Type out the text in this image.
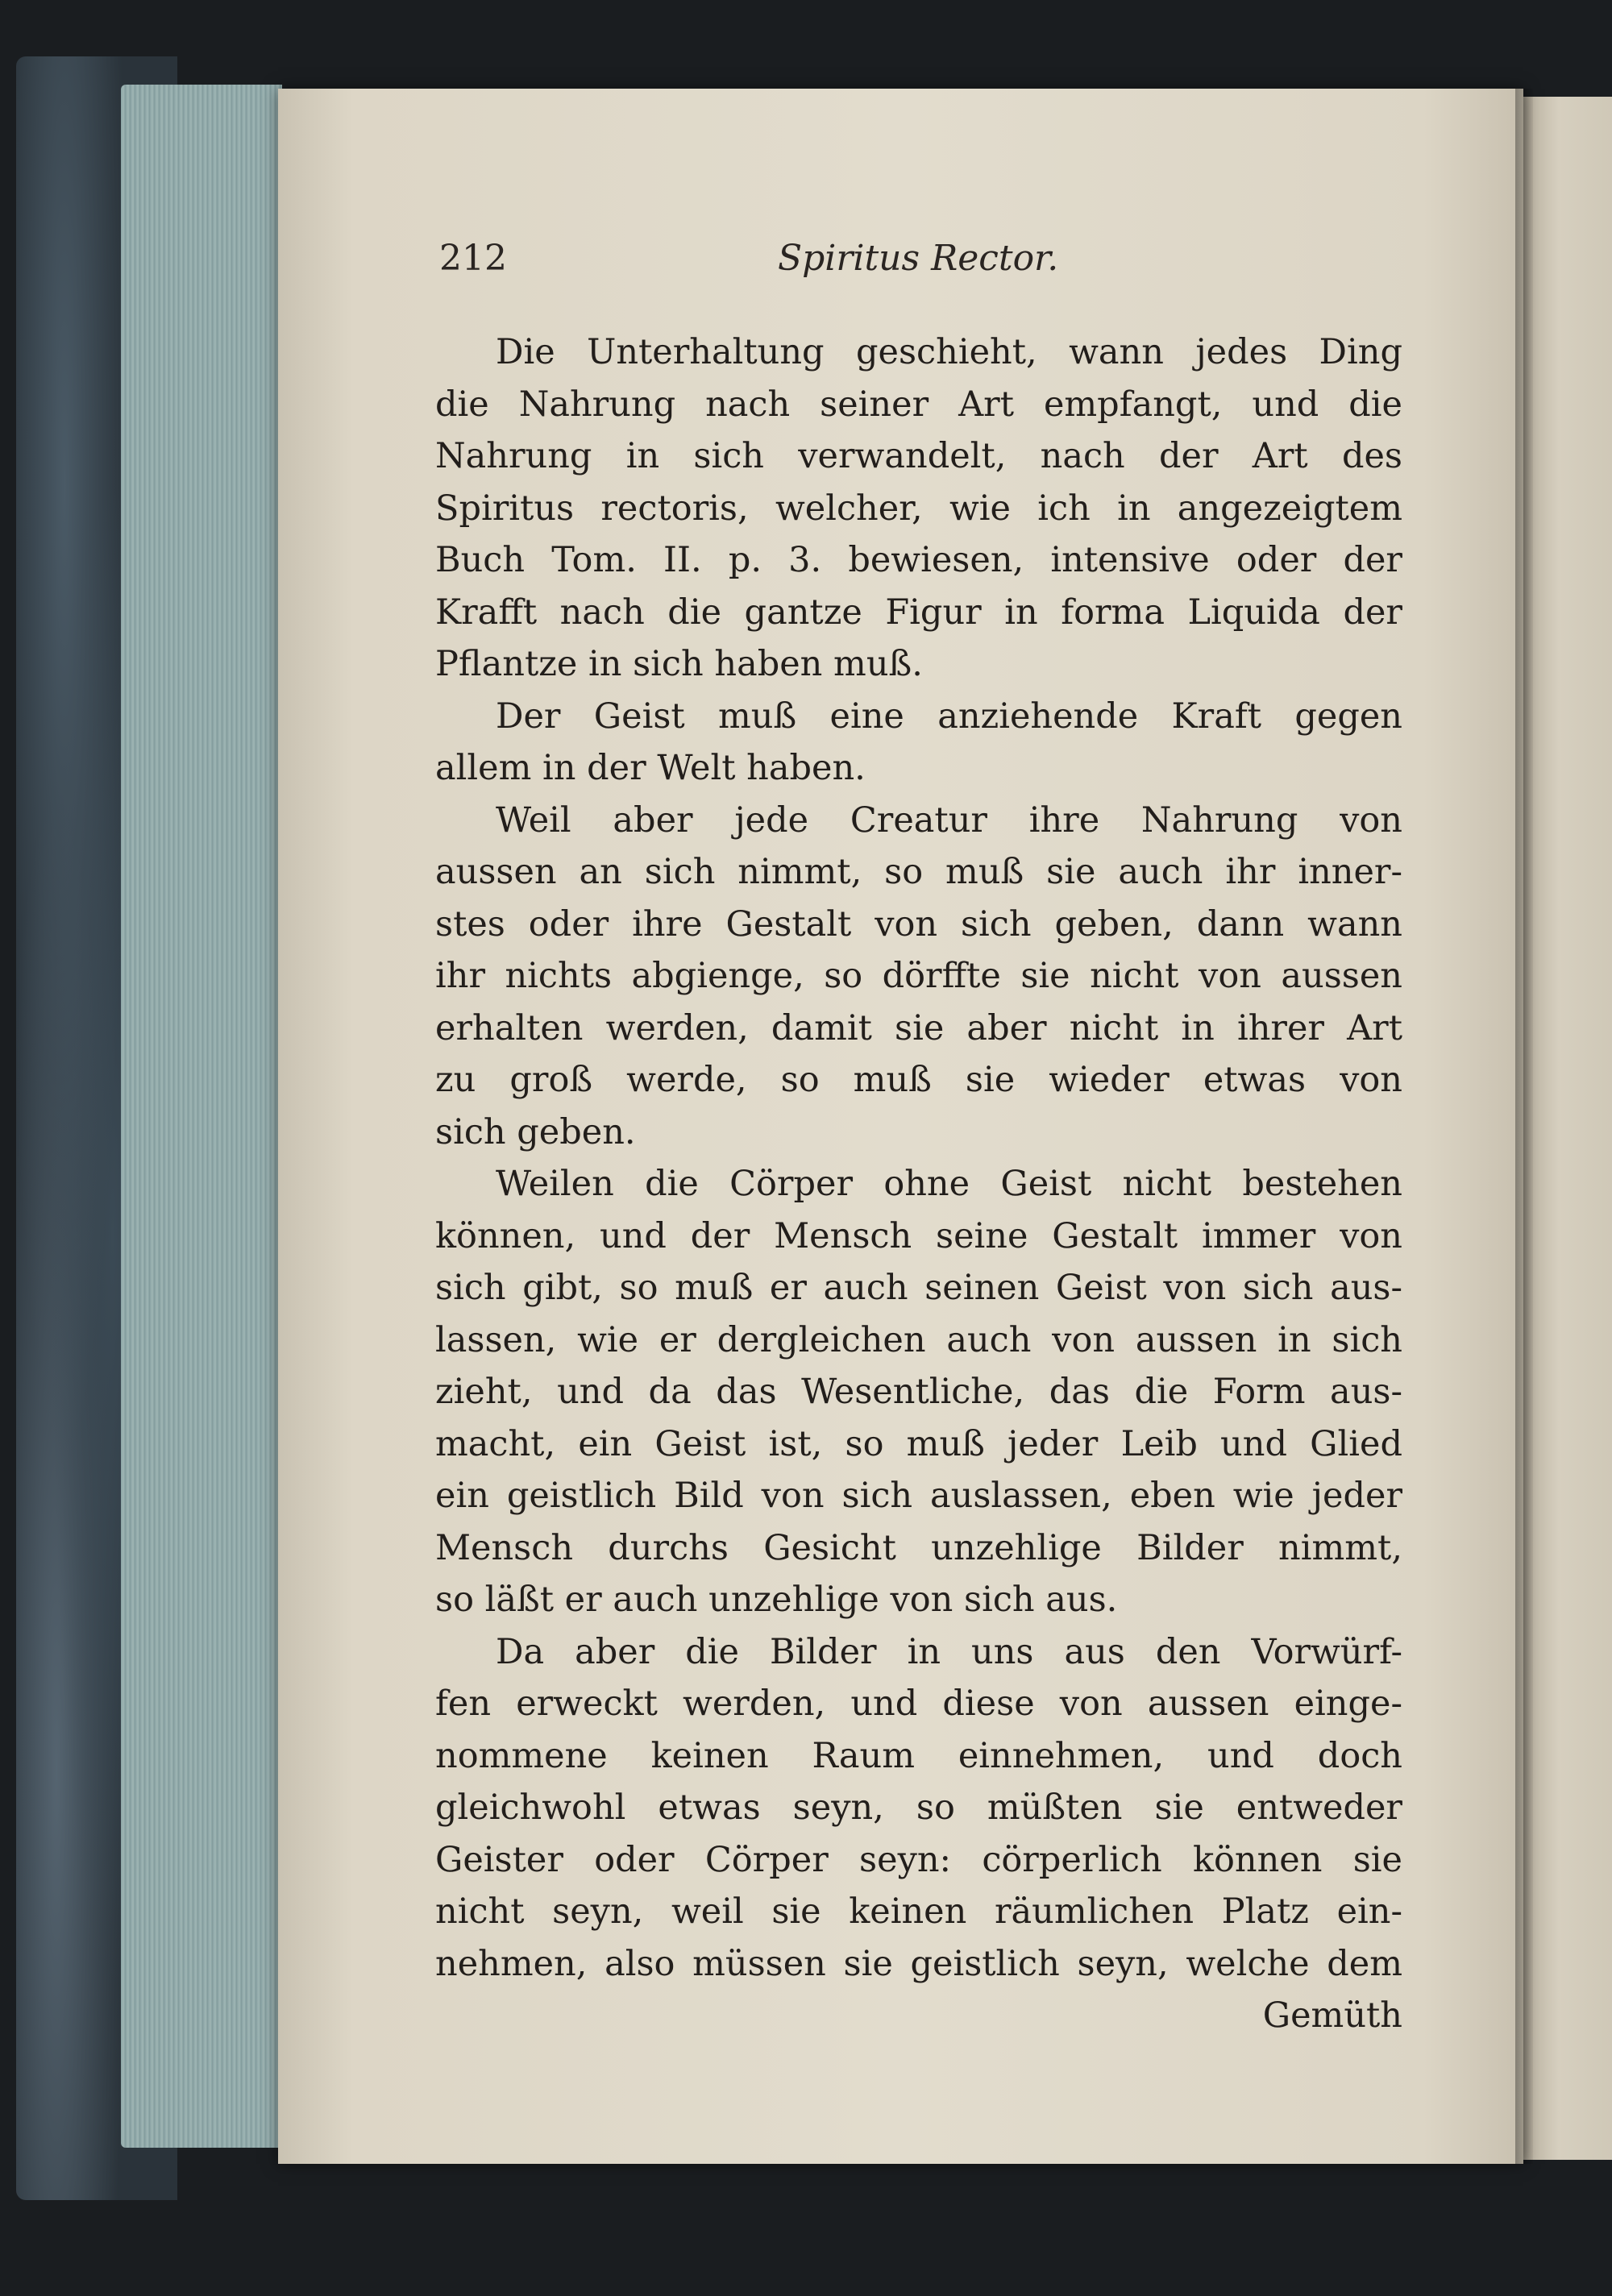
212	Spiritus Rector.
Die Unterhaltung geschieht, wann jedes Ding
die Nahrung nach seiner Art empfangt, und die
Nahrung in sich verwandelt, nach der Art des
Spiritus rectoris, welcher, wie ich in angezeigtem
Buch Tom. II. p. 3. bewiesen, intensive oder der
Krafft nach die gantze Figur in forma Liquida der
Pflantze in sich haben muß.
Der Geist muß eine anziehende Kraft gegen
allem in der Welt haben.
Weil aber jede Creatur ihre Nahrung von
aussen an sich nimmt, so muß sie auch ihr inner-
stes oder ihre Gestalt von sich geben, dann wann
ihr nichts abgienge, so dörffte sie nicht von aussen
erhalten werden, damit sie aber nicht in ihrer Art
zu groß werde, so muß sie wieder etwas von
sich geben.
Weilen die Cörper ohne Geist nicht bestehen
können, und der Mensch seine Gestalt immer von
sich gibt, so muß er auch seinen Geist von sich aus-
lassen, wie er dergleichen auch von aussen in sich
zieht, und da das Wesentliche, das die Form aus-
macht, ein Geist ist, so muß jeder Leib und Glied
ein geistlich Bild von sich auslassen, eben wie jeder
Mensch durchs Gesicht unzehlige Bilder nimmt,
so läßt er auch unzehlige von sich aus.
Da aber die Bilder in uns aus den Vorwürf-
fen erweckt werden, und diese von aussen einge-
nommene keinen Raum einnehmen, und doch
gleichwohl etwas seyn, so müßten sie entweder
Geister oder Cörper seyn: cörperlich können sie
nicht seyn, weil sie keinen räumlichen Platz ein-
nehmen, also müssen sie geistlich seyn, welche dem
Gemüth
